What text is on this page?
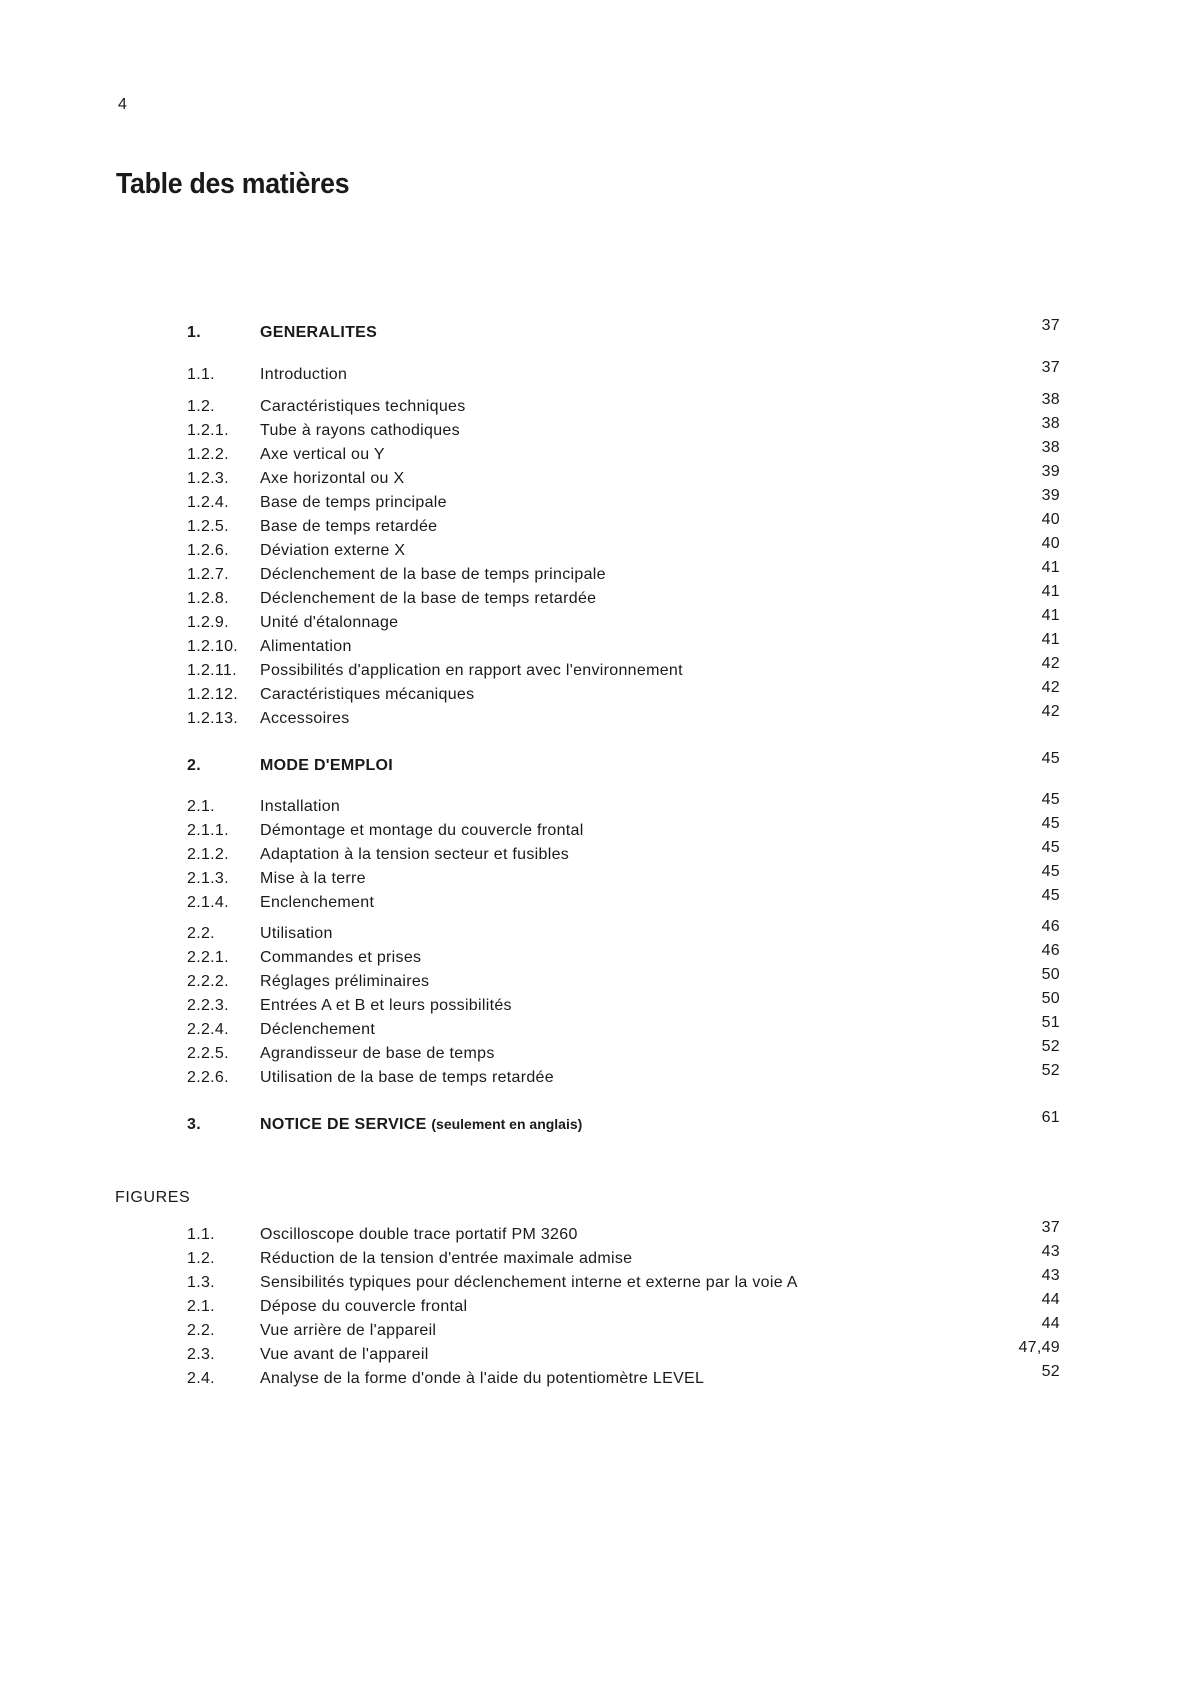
4
Table des matières
1.	GENERALITES	37
1.1.	Introduction	37
1.2.	Caractéristiques techniques	38
1.2.1. Tube à rayons cathodiques	38
1.2.2. Axe vertical ou Y	38
1.2.3. Axe horizontal ou X	39
1.2.4. Base de temps principale	39
1.2.5. Base de temps retardée	40
1.2.6. Déviation externe X	40
1.2.7. Déclenchement de la base de temps principale	41
1.2.8. Déclenchement de la base de temps retardée	41
1.2.9. Unité d'étalonnage	41
1.2.10. Alimentation	41
1.2.11. Possibilités d'application en rapport avec l'environnement	42
1.2.12. Caractéristiques mécaniques	42
1.2.13. Accessoires	42
2.	MODE D'EMPLOI	45
2.1.	Installation	45
2.1.1. Démontage et montage du couvercle frontal	45
2.1.2. Adaptation à la tension secteur et fusibles	45
2.1.3. Mise à la terre	45
2.1.4. Enclenchement	45
2.2.	Utilisation	46
2.2.1. Commandes et prises	46
2.2.2. Réglages préliminaires	50
2.2.3. Entrées A et B et leurs possibilités	50
2.2.4. Déclenchement	51
2.2.5. Agrandisseur de base de temps	52
2.2.6. Utilisation de la base de temps retardée	52
3.	NOTICE DE SERVICE (seulement en anglais)	61
FIGURES
1.1.	Oscilloscope double trace portatif PM 3260	37
1.2.	Réduction de la tension d'entrée maximale admise	43
1.3.	Sensibilités typiques pour déclenchement interne et externe par la voie A	43
2.1.	Dépose du couvercle frontal	44
2.2.	Vue arrière de l'appareil	44
2.3.	Vue avant de l'appareil	47,49
2.4.	Analyse de la forme d'onde à l'aide du potentiomètre LEVEL	52
